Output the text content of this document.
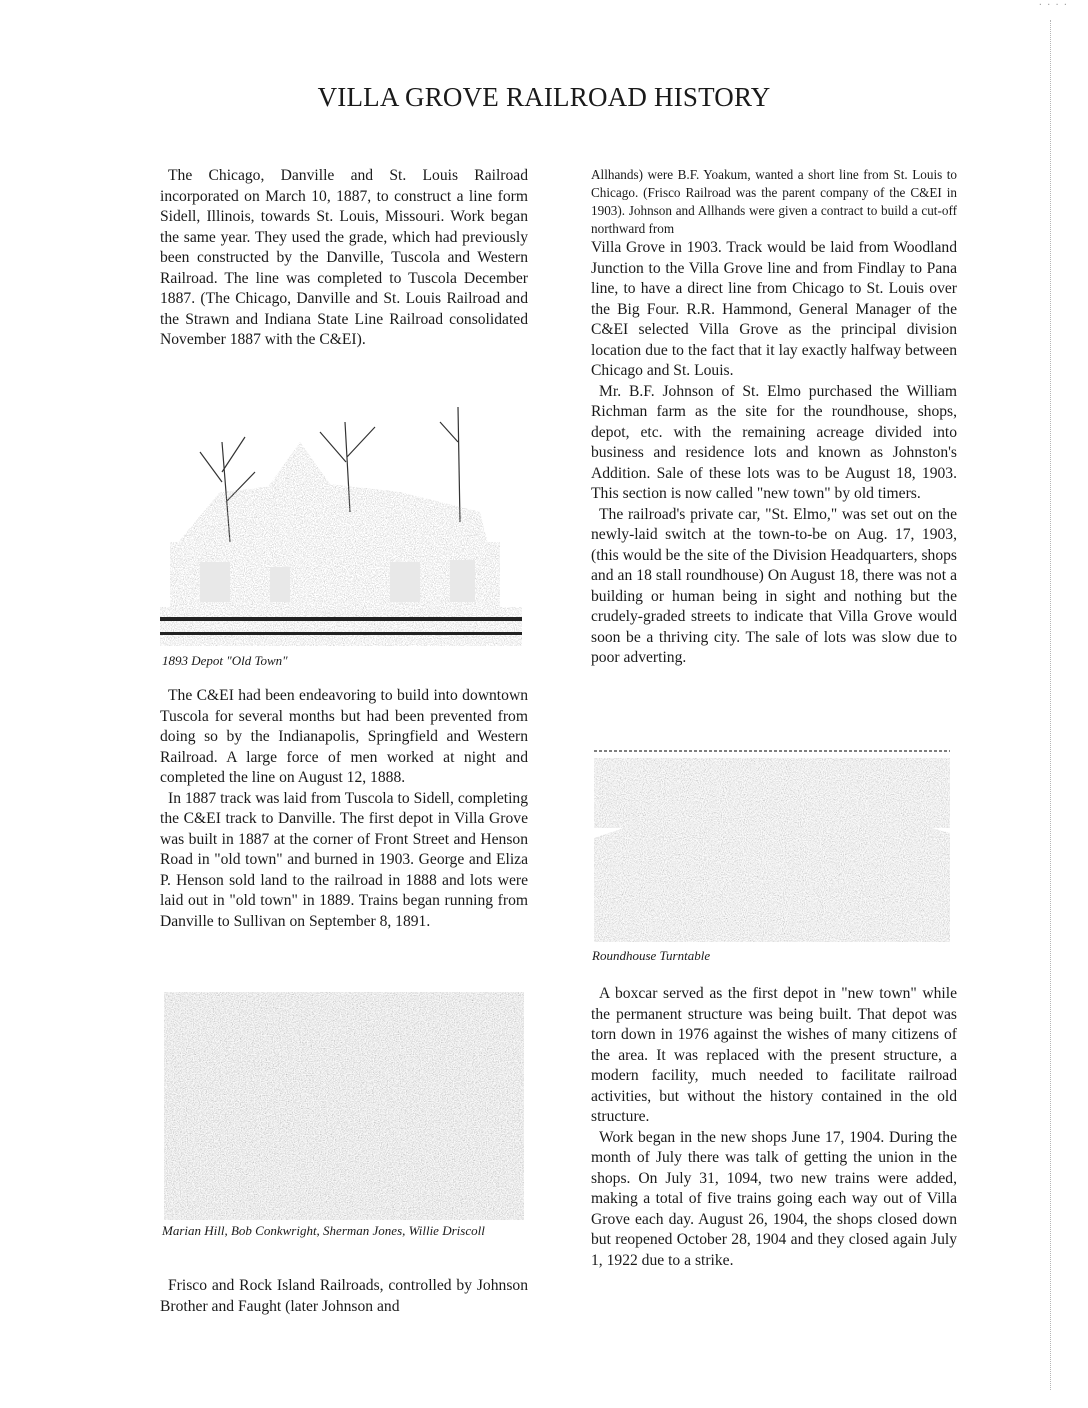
· · · ·
VILLA GROVE RAILROAD HISTORY

The Chicago, Danville and St. Louis Railroad incorporated on March 10, 1887, to construct a line form Sidell, Illinois, towards St. Louis, Missouri. Work began the same year. They used the grade, which had previously been constructed by the Danville, Tuscola and Western Railroad. The line was completed to Tuscola December 1887. (The Chicago, Danville and St. Louis Railroad and the Strawn and Indiana State Line Railroad consolidated November 1887 with the C&EI).

1893 Depot "Old Town"

The C&EI had been endeavoring to build into downtown Tuscola for several months but had been prevented from doing so by the Indianapolis, Springfield and Western Railroad. A large force of men worked at night and completed the line on August 12, 1888.

In 1887 track was laid from Tuscola to Sidell, completing the C&EI track to Danville. The first depot in Villa Grove was built in 1887 at the corner of Front Street and Henson Road in "old town" and burned in 1903. George and Eliza P. Henson sold land to the railroad in 1888 and lots were laid out in "old town" in 1889. Trains began running from Danville to Sullivan on September 8, 1891.

Marian Hill, Bob Conkwright, Sherman Jones, Willie Driscoll

Frisco and Rock Island Railroads, controlled by Johnson Brother and Faught (later Johnson and

Allhands) were B.F. Yoakum, wanted a short line from St. Louis to Chicago. (Frisco Railroad was the parent company of the C&EI in 1903). Johnson and Allhands were given a contract to build a cut-off northward from

Villa Grove in 1903. Track would be laid from Woodland Junction to the Villa Grove line and from Findlay to Pana line, to have a direct line from Chicago to St. Louis over the Big Four. R.R. Hammond, General Manager of the C&EI selected Villa Grove as the principal division location due to the fact that it lay exactly halfway between Chicago and St. Louis.

Mr. B.F. Johnson of St. Elmo purchased the William Richman farm as the site for the roundhouse, shops, depot, etc. with the remaining acreage divided into business and residence lots and known as Johnston's Addition. Sale of these lots was to be August 18, 1903. This section is now called "new town" by old timers.

The railroad's private car, "St. Elmo," was set out on the newly-laid switch at the town-to-be on Aug. 17, 1903, (this would be the site of the Division Headquarters, shops and an 18 stall roundhouse) On August 18, there was not a building or human being in sight and nothing but the crudely-graded streets to indicate that Villa Grove would soon be a thriving city. The sale of lots was slow due to poor adverting.

Roundhouse Turntable

A boxcar served as the first depot in "new town" while the permanent structure was being built. That depot was torn down in 1976 against the wishes of many citizens of the area. It was replaced with the present structure, a modern facility, much needed to facilitate railroad activities, but without the history contained in the old structure.

Work began in the new shops June 17, 1904. During the month of July there was talk of getting the union in the shops. On July 31, 1094, two new trains were added, making a total of five trains going each way out of Villa Grove each day. August 26, 1904, the shops closed down but reopened October 28, 1904 and they closed again July 1, 1922 due to a strike.
